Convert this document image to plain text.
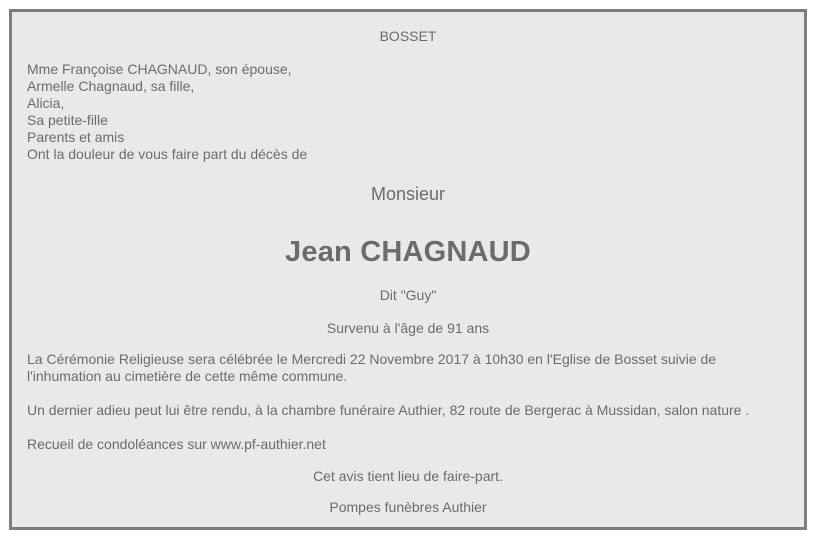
BOSSET
Mme Françoise CHAGNAUD, son épouse,
Armelle Chagnaud, sa fille,
Alicia,
Sa petite-fille
Parents et amis
Ont la douleur de vous faire part du décès de
Monsieur
Jean CHAGNAUD
Dit "Guy"
Survenu à l'âge de 91 ans
La Cérémonie Religieuse sera célébrée le Mercredi 22 Novembre 2017 à 10h30 en l'Eglise de Bosset suivie de l'inhumation au cimetière de cette même commune.
Un dernier adieu peut lui être rendu, à la chambre funéraire Authier, 82 route de Bergerac à Mussidan, salon nature .
Recueil de condoléances sur www.pf-authier.net
Cet avis tient lieu de faire-part.
Pompes funèbres Authier
